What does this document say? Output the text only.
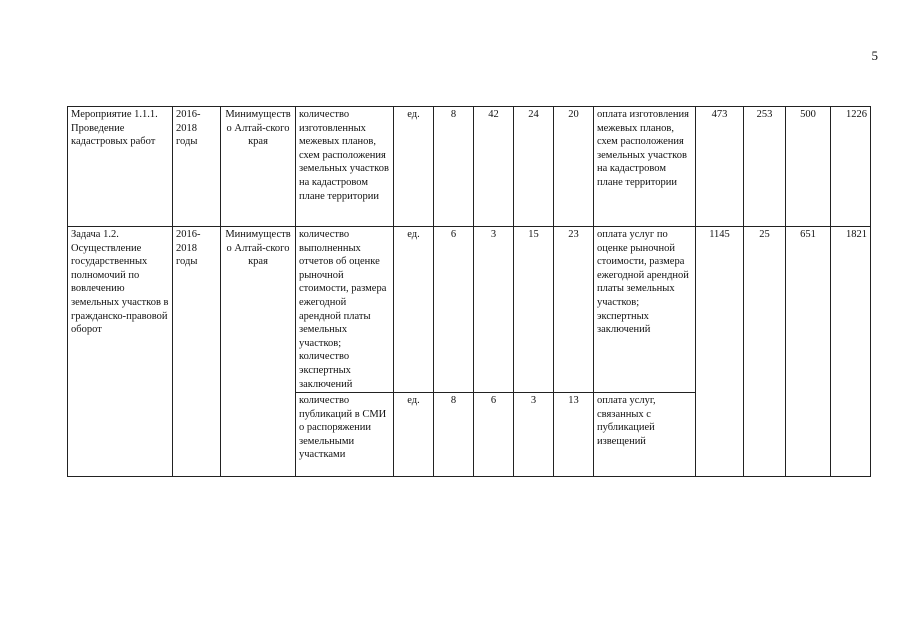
5
Мероприятие 1.1.1. Проведение кадастровых работ	2016-2018 годы	Минимущество Алтай-ского края	количество изготовленных межевых планов, схем расположения земельных участков на кадастровом плане территории	ед.	8	42	24	20	оплата изготовления межевых планов, схем расположения земельных участков на кадастровом плане территории	473	253	500	1226
Задача 1.2. Осуществление государственных полномочий по вовлечению земельных участков в гражданско-правовой оборот	2016-2018 годы	Минимущество Алтай-ского края	количество выполненных отчетов об оценке рыночной стоимости, размера ежегодной арендной платы земельных участков; количество экспертных заключений	ед.	6	3	15	23	оплата услуг по оценке рыночной стоимости, размера ежегодной арендной платы земельных участков; экспертных заключений	1145	25	651	1821
			количество публикаций в СМИ о распоряжении земельными участками	ед.	8	6	3	13	оплата услуг, связанных с публикацией извещений				
